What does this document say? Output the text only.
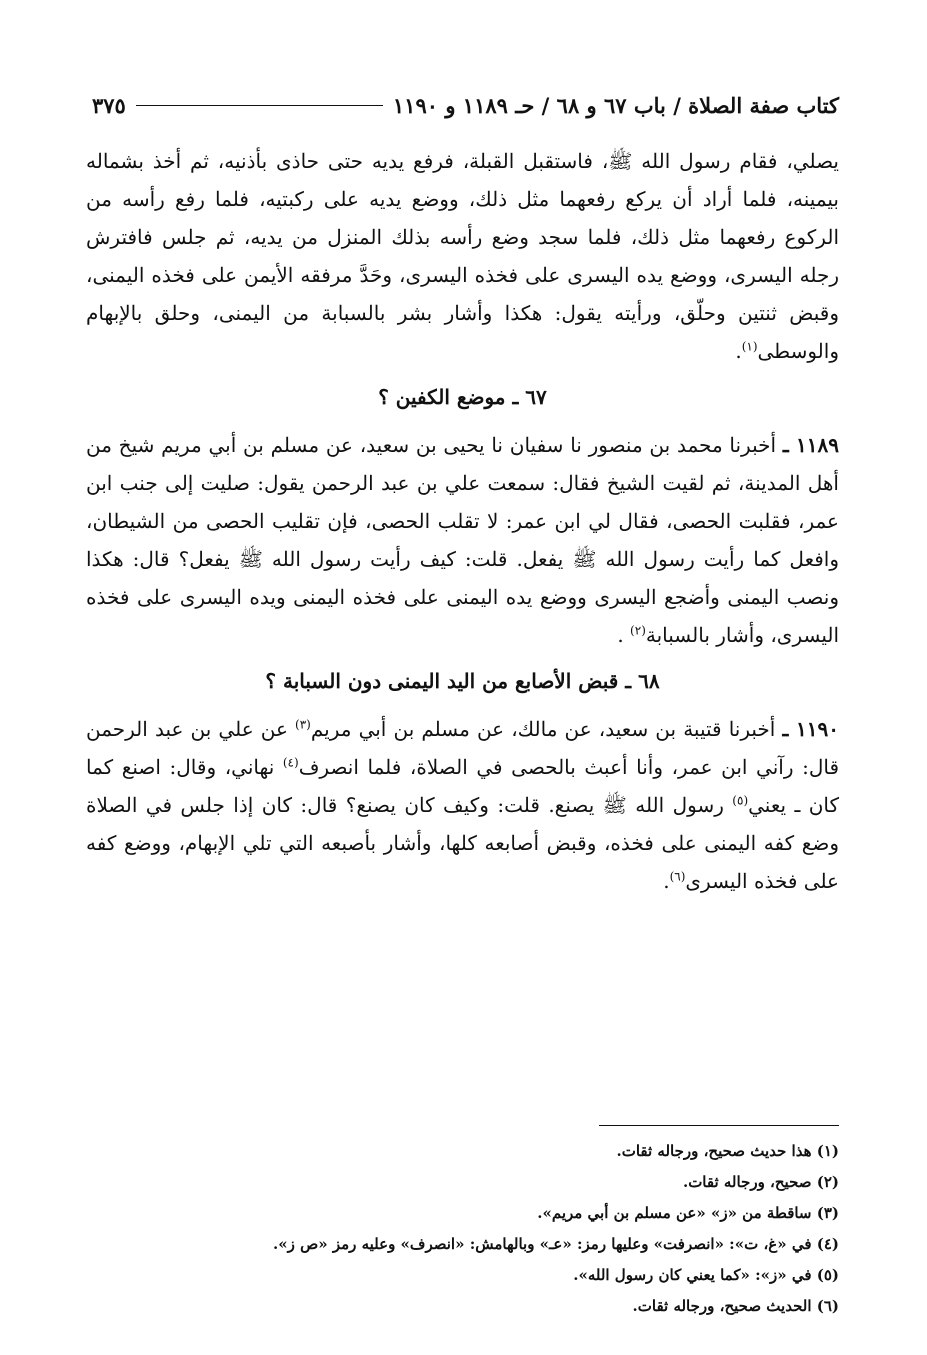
كتاب صفة الصلاة / باب ٦٧ و ٦٨ / حـ ١١٨٩ و ١١٩٠
٣٧٥

يصلي، فقام رسول الله ﷺ، فاستقبل القبلة، فرفع يديه حتى حاذى بأذنيه، ثم أخذ بشماله بيمينه، فلما أراد أن يركع رفعهما مثل ذلك، ووضع يديه على ركبتيه، فلما رفع رأسه من الركوع رفعهما مثل ذلك، فلما سجد وضع رأسه بذلك المنزل من يديه، ثم جلس فافترش رجله اليسرى، ووضع يده اليسرى على فخذه اليسرى، وحَدَّ مرفقه الأيمن على فخذه اليمنى، وقبض ثنتين وحلّق، ورأيته يقول: هكذا وأشار بشر بالسبابة من اليمنى، وحلق بالإبهام والوسطى$^{(١)}$.

٦٧ ـ موضع الكفين ؟

١١٨٩ ـ أخبرنا محمد بن منصور نا سفيان نا يحيى بن سعيد، عن مسلم بن أبي مريم شيخ من أهل المدينة، ثم لقيت الشيخ فقال: سمعت علي بن عبد الرحمن يقول: صليت إلى جنب ابن عمر، فقلبت الحصى، فقال لي ابن عمر: لا تقلب الحصى، فإن تقليب الحصى من الشيطان، وافعل كما رأيت رسول الله ﷺ يفعل. قلت: كيف رأيت رسول الله ﷺ يفعل؟ قال: هكذا ونصب اليمنى وأضجع اليسرى ووضع يده اليمنى على فخذه اليمنى ويده اليسرى على فخذه اليسرى، وأشار بالسبابة$^{(٢)}$ .

٦٨ ـ قبض الأصابع من اليد اليمنى دون السبابة ؟

١١٩٠ ـ أخبرنا قتيبة بن سعيد، عن مالك، عن مسلم بن أبي مريم$^{(٣)}$ عن علي بن عبد الرحمن قال: رآني ابن عمر، وأنا أعبث بالحصى في الصلاة، فلما انصرف$^{(٤)}$ نهاني، وقال: اصنع كما كان ـ يعني$^{(٥)}$ رسول الله ﷺ يصنع. قلت: وكيف كان يصنع؟ قال: كان إذا جلس في الصلاة وضع كفه اليمنى على فخذه، وقبض أصابعه كلها، وأشار بأصبعه التي تلي الإبهام، ووضع كفه على فخذه اليسرى$^{(٦)}$.

(١) هذا حديث صحيح، ورجاله ثقات.
(٢) صحيح، ورجاله ثقات.
(٣) ساقطة من «ز» «عن مسلم بن أبي مريم».
(٤) في «غ، ت»: «انصرفت» وعليها رمز: «عـ» وبالهامش: «انصرف» وعليه رمز «ص ز».
(٥) في «ز»: «كما يعني كان رسول الله».
(٦) الحديث صحيح، ورجاله ثقات.
